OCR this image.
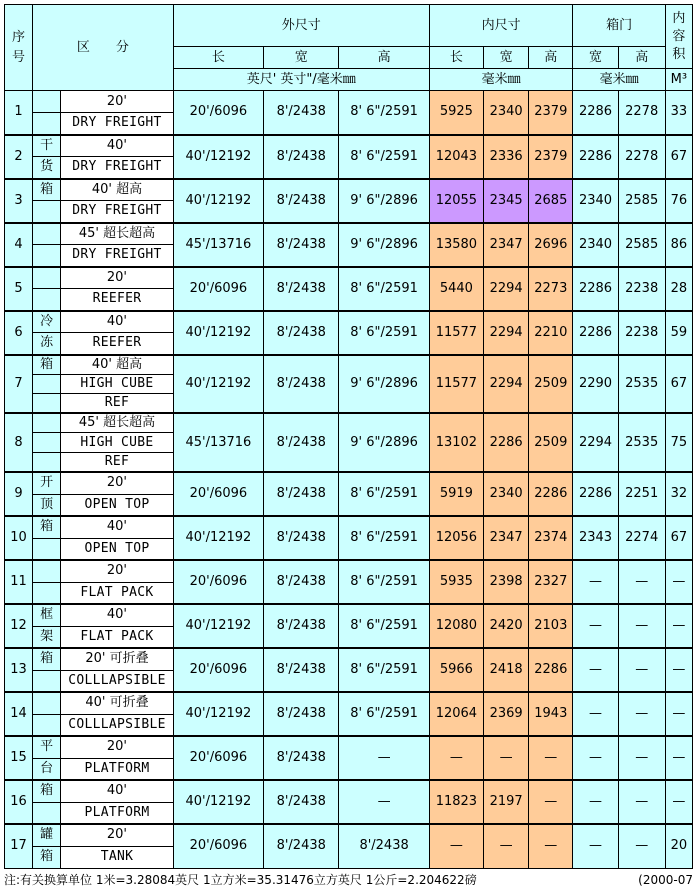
序
号	区　　分		外尺寸			内尺寸			箱门		内
容
积
			长	宽	高	长	宽	高	宽	高	
			英尺' 英寸"/毫米㎜			毫米㎜			毫米㎜		M³
1		20'	20'/6096	8'/2438	8' 6"/2591	5925	2340	2379	2286	2278	33
		DRY FREIGHT									
2	干	40'	40'/12192	8'/2438	8' 6"/2591	12043	2336	2379	2286	2278	67
	货	DRY FREIGHT									
3	箱	40' 超高	40'/12192	8'/2438	9' 6"/2896	12055	2345	2685	2340	2585	76
		DRY FREIGHT									
4		45' 超长超高	45'/13716	8'/2438	9' 6"/2896	13580	2347	2696	2340	2585	86
		DRY FREIGHT									
5		20'	20'/6096	8'/2438	8' 6"/2591	5440	2294	2273	2286	2238	28
		REEFER									
6	冷	40'	40'/12192	8'/2438	8' 6"/2591	11577	2294	2210	2286	2238	59
	冻	REEFER									
7	箱	40' 超高	40'/12192	8'/2438	9' 6"/2896	11577	2294	2509	2290	2535	67
		HIGH CUBE									
		REF									
8		45' 超长超高	45'/13716	8'/2438	9' 6"/2896	13102	2286	2509	2294	2535	75
		HIGH CUBE									
		REF									
9	开	20'	20'/6096	8'/2438	8' 6"/2591	5919	2340	2286	2286	2251	32
	顶	OPEN TOP									
10	箱	40'	40'/12192	8'/2438	8' 6"/2591	12056	2347	2374	2343	2274	67
		OPEN TOP									
11		20'	20'/6096	8'/2438	8' 6"/2591	5935	2398	2327	—	—	—
		FLAT PACK									
12	框	40'	40'/12192	8'/2438	8' 6"/2591	12080	2420	2103	—	—	—
	架	FLAT PACK									
13	箱	20' 可折叠	20'/6096	8'/2438	8' 6"/2591	5966	2418	2286	—	—	—
		COLLLAPSIBLE									
14		40' 可折叠	40'/12192	8'/2438	8' 6"/2591	12064	2369	1943	—	—	—
		COLLLAPSIBLE									
15	平	20'	20'/6096	8'/2438	—	—	—	—	—	—	—
	台	PLATFORM									
16	箱	40'	40'/12192	8'/2438	—	11823	2197	—	—	—	—
		PLATFORM									
17	罐	20'	20'/6096	8'/2438	8'/2438	—	—	—	—	—	20
	箱	TANK									
注:有关换算单位 1米=3.28084英尺 1立方米=35.31476立方英尺 1公斤=2.204622磅	(2000-07
